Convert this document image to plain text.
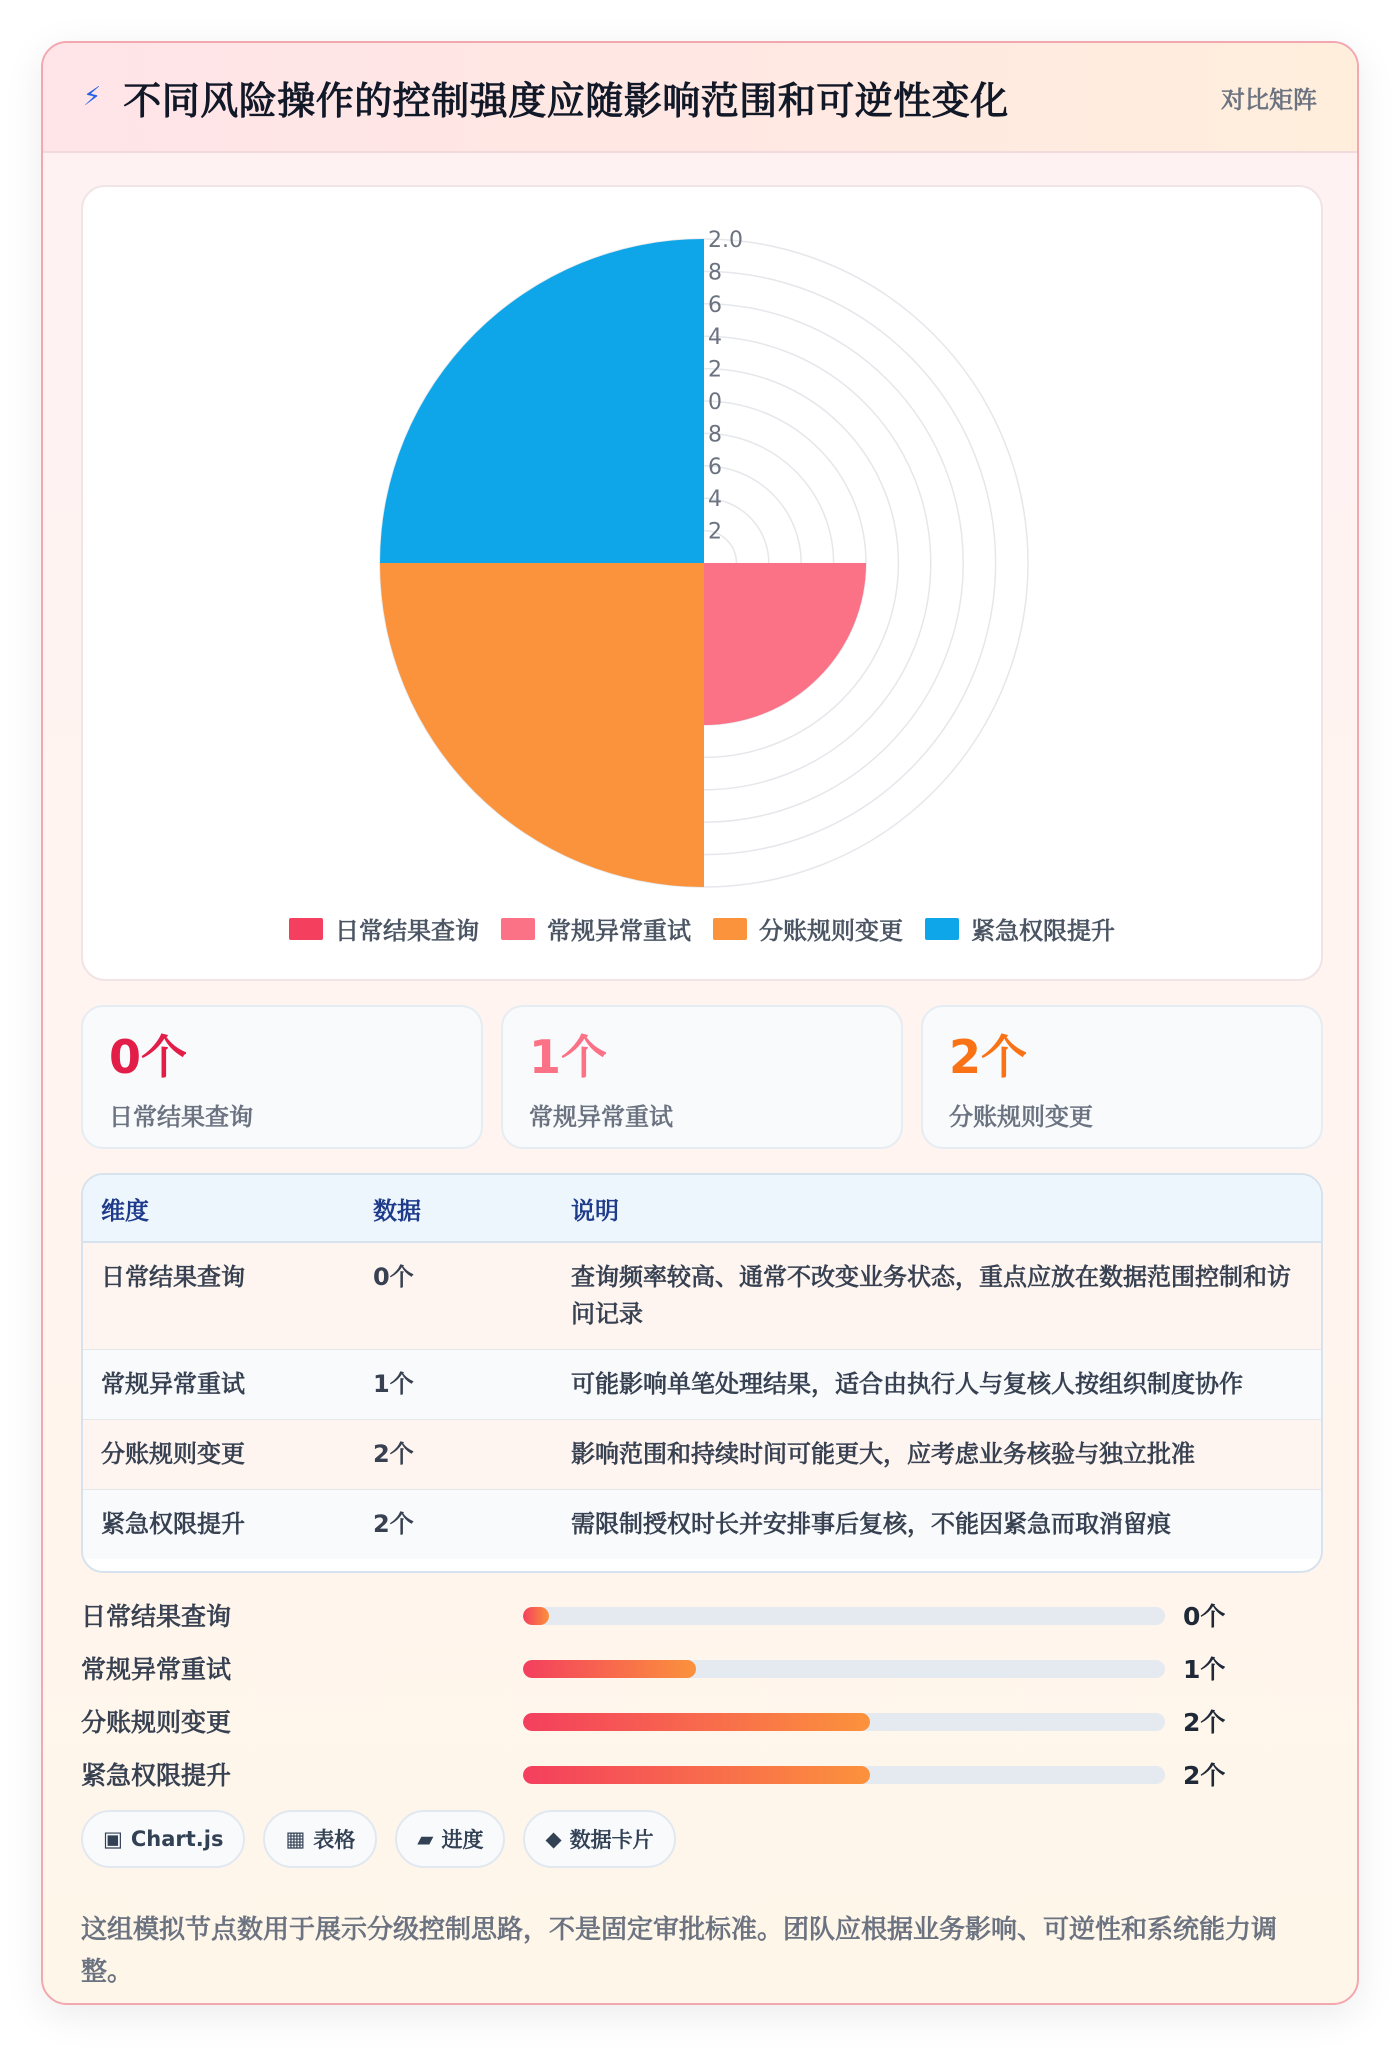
⚡ 不同风险操作的控制强度应随影响范围和可逆性变化	对比矩阵
2
4
6
8
0
2
4
6
8
2.0
日常结果查询	常规异常重试	分账规则变更	紧急权限提升
0个
日常结果查询
1个
常规异常重试
2个
分账规则变更
维度	数据	说明
日常结果查询	0个	查询频率较高、通常不改变业务状态，重点应放在数据范围控制和访问记录
常规异常重试	1个	可能影响单笔处理结果，适合由执行人与复核人按组织制度协作
分账规则变更	2个	影响范围和持续时间可能更大，应考虑业务核验与独立批准
紧急权限提升	2个	需限制授权时长并安排事后复核，不能因紧急而取消留痕
日常结果查询	0个
常规异常重试	1个
分账规则变更	2个
紧急权限提升	2个
▣ Chart.js	▦ 表格	▰ 进度	◆ 数据卡片
这组模拟节点数用于展示分级控制思路，不是固定审批标准。团队应根据业务影响、可逆性和系统能力调整。
